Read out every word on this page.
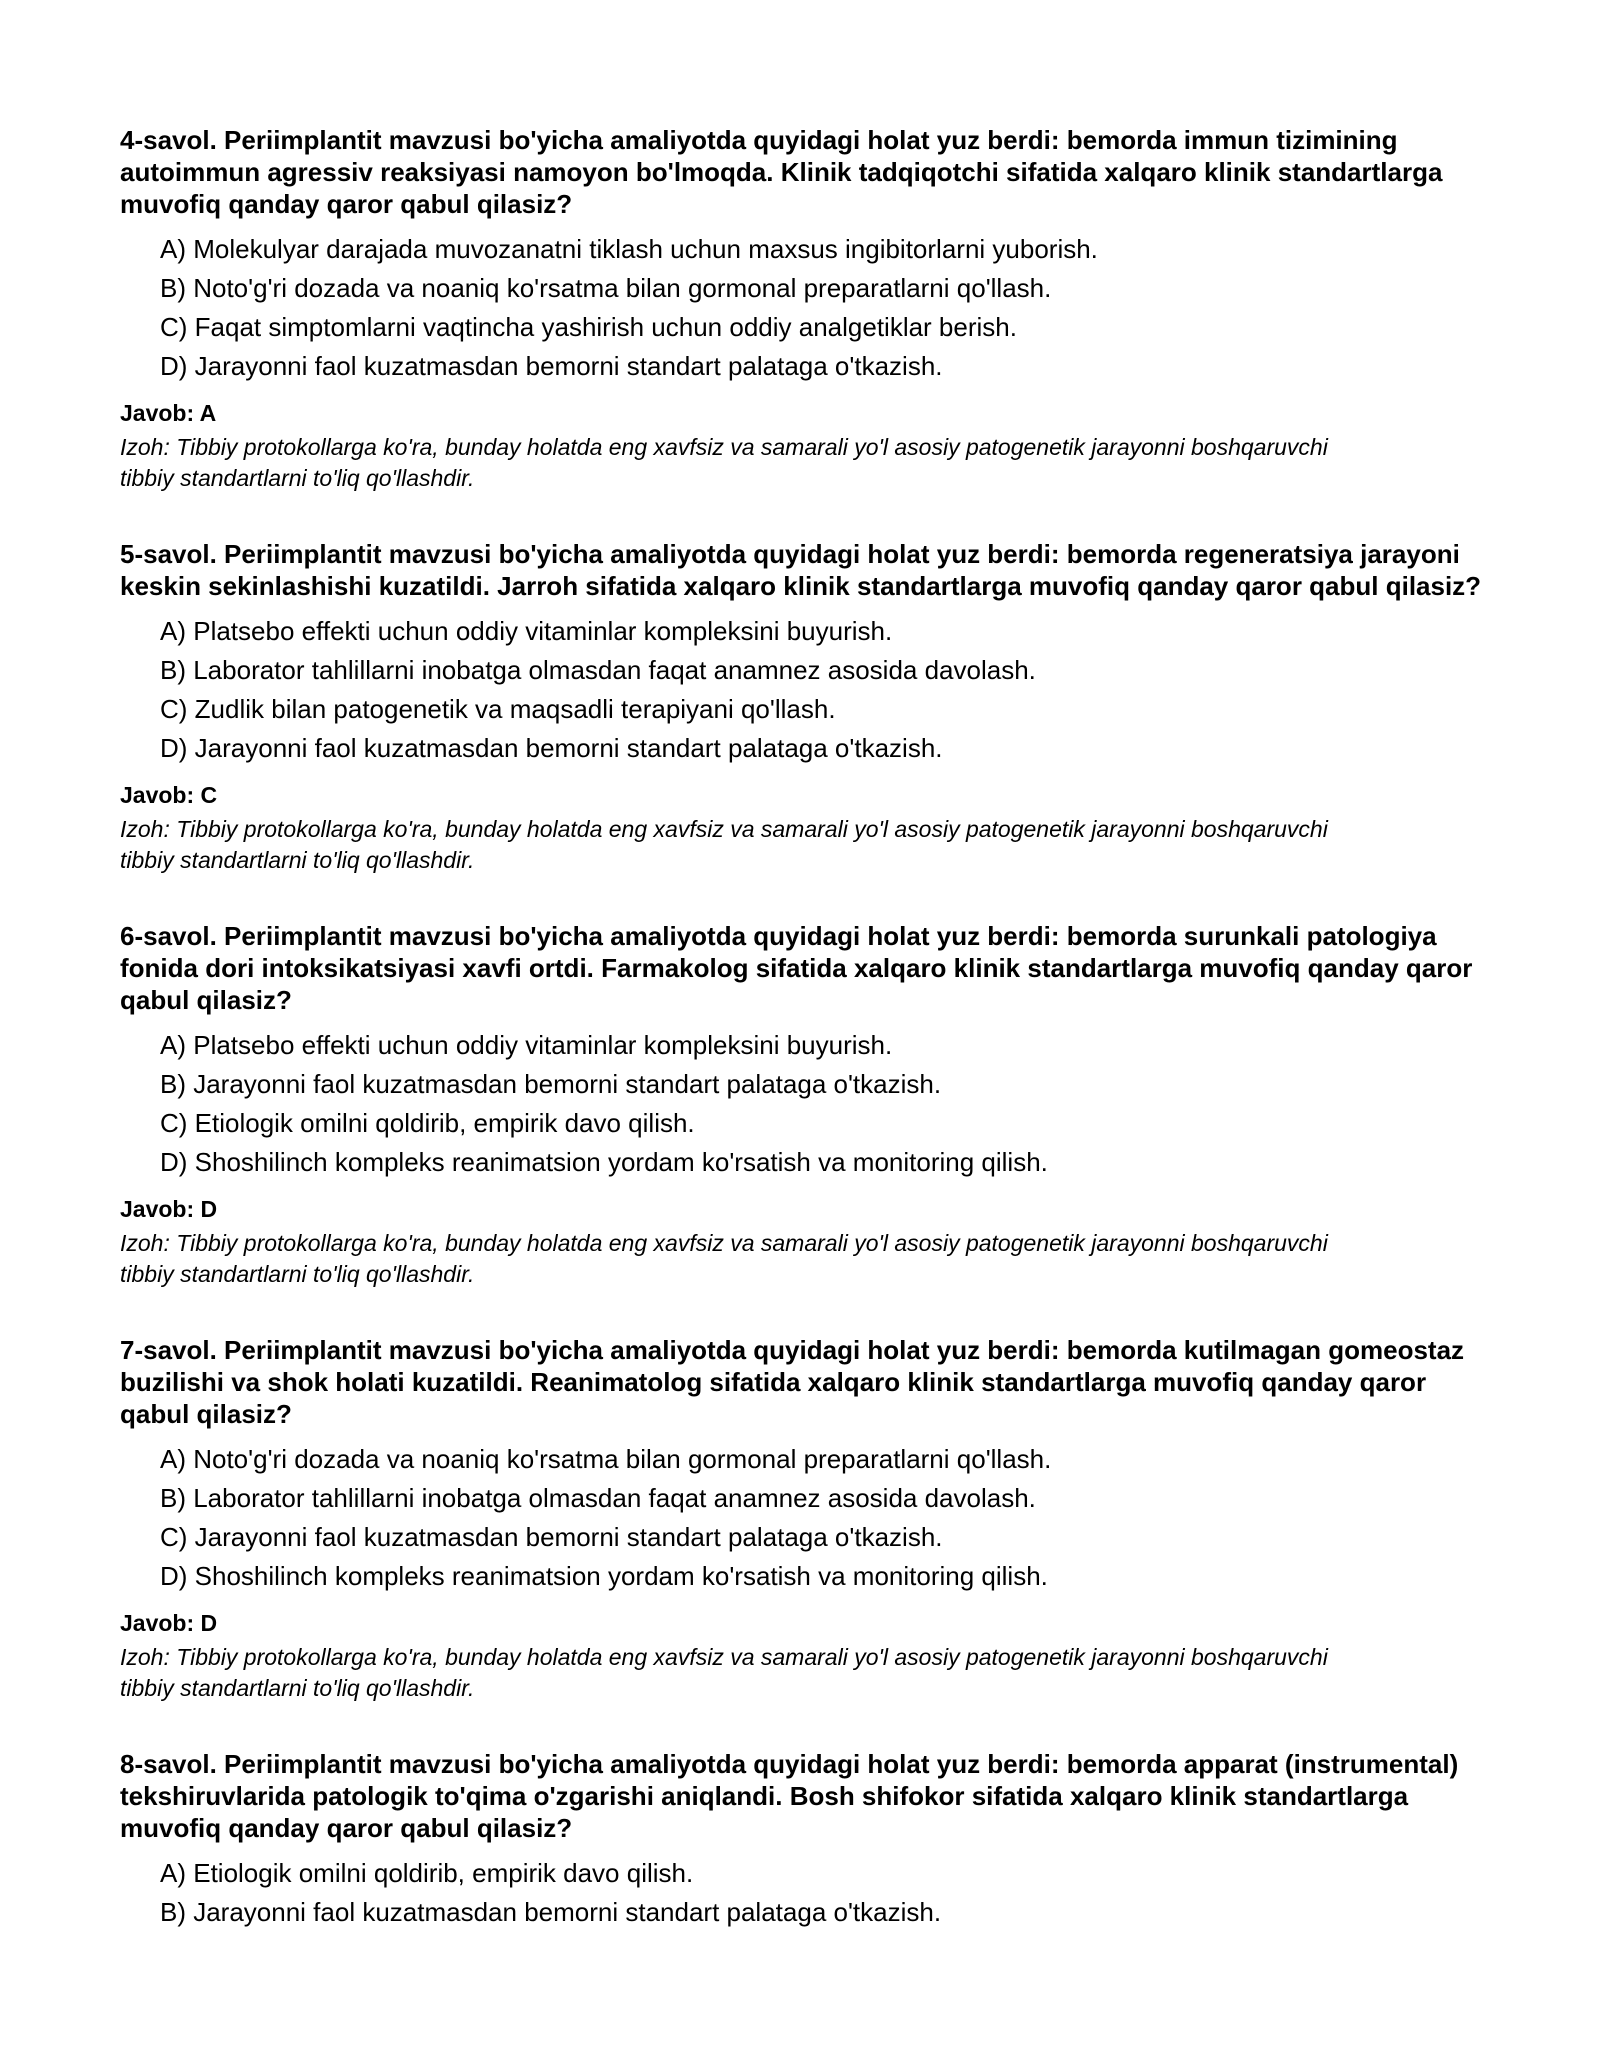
4-savol. Periimplantit mavzusi bo'yicha amaliyotda quyidagi holat yuz berdi: bemorda immun tizimining autoimmun agressiv reaksiyasi namoyon bo'lmoqda. Klinik tadqiqotchi sifatida xalqaro klinik standartlarga muvofiq qanday qaror qabul qilasiz?

A) Molekulyar darajada muvozanatni tiklash uchun maxsus ingibitorlarni yuborish.
B) Noto'g'ri dozada va noaniq ko'rsatma bilan gormonal preparatlarni qo'llash.
C) Faqat simptomlarni vaqtincha yashirish uchun oddiy analgetiklar berish.
D) Jarayonni faol kuzatmasdan bemorni standart palataga o'tkazish.

Javob: A

Izoh: Tibbiy protokollarga ko'ra, bunday holatda eng xavfsiz va samarali yo'l asosiy patogenetik jarayonni boshqaruvchi tibbiy standartlarni to'liq qo'llashdir.

5-savol. Periimplantit mavzusi bo'yicha amaliyotda quyidagi holat yuz berdi: bemorda regeneratsiya jarayoni keskin sekinlashishi kuzatildi. Jarroh sifatida xalqaro klinik standartlarga muvofiq qanday qaror qabul qilasiz?

A) Platsebo effekti uchun oddiy vitaminlar kompleksini buyurish.
B) Laborator tahlillarni inobatga olmasdan faqat anamnez asosida davolash.
C) Zudlik bilan patogenetik va maqsadli terapiyani qo'llash.
D) Jarayonni faol kuzatmasdan bemorni standart palataga o'tkazish.

Javob: C

Izoh: Tibbiy protokollarga ko'ra, bunday holatda eng xavfsiz va samarali yo'l asosiy patogenetik jarayonni boshqaruvchi tibbiy standartlarni to'liq qo'llashdir.

6-savol. Periimplantit mavzusi bo'yicha amaliyotda quyidagi holat yuz berdi: bemorda surunkali patologiya fonida dori intoksikatsiyasi xavfi ortdi. Farmakolog sifatida xalqaro klinik standartlarga muvofiq qanday qaror qabul qilasiz?

A) Platsebo effekti uchun oddiy vitaminlar kompleksini buyurish.
B) Jarayonni faol kuzatmasdan bemorni standart palataga o'tkazish.
C) Etiologik omilni qoldirib, empirik davo qilish.
D) Shoshilinch kompleks reanimatsion yordam ko'rsatish va monitoring qilish.

Javob: D

Izoh: Tibbiy protokollarga ko'ra, bunday holatda eng xavfsiz va samarali yo'l asosiy patogenetik jarayonni boshqaruvchi tibbiy standartlarni to'liq qo'llashdir.

7-savol. Periimplantit mavzusi bo'yicha amaliyotda quyidagi holat yuz berdi: bemorda kutilmagan gomeostaz buzilishi va shok holati kuzatildi. Reanimatolog sifatida xalqaro klinik standartlarga muvofiq qanday qaror qabul qilasiz?

A) Noto'g'ri dozada va noaniq ko'rsatma bilan gormonal preparatlarni qo'llash.
B) Laborator tahlillarni inobatga olmasdan faqat anamnez asosida davolash.
C) Jarayonni faol kuzatmasdan bemorni standart palataga o'tkazish.
D) Shoshilinch kompleks reanimatsion yordam ko'rsatish va monitoring qilish.

Javob: D

Izoh: Tibbiy protokollarga ko'ra, bunday holatda eng xavfsiz va samarali yo'l asosiy patogenetik jarayonni boshqaruvchi tibbiy standartlarni to'liq qo'llashdir.

8-savol. Periimplantit mavzusi bo'yicha amaliyotda quyidagi holat yuz berdi: bemorda apparat (instrumental) tekshiruvlarida patologik to'qima o'zgarishi aniqlandi. Bosh shifokor sifatida xalqaro klinik standartlarga muvofiq qanday qaror qabul qilasiz?

A) Etiologik omilni qoldirib, empirik davo qilish.
B) Jarayonni faol kuzatmasdan bemorni standart palataga o'tkazish.
